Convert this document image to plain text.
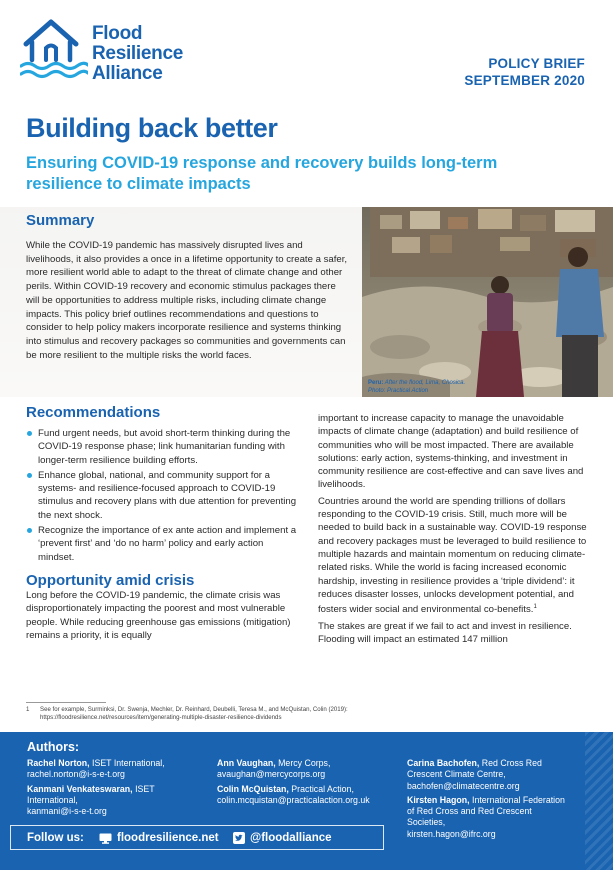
Flood
Resilience
Alliance	POLICY BRIEF
SEPTEMBER 2020
Building back better
Ensuring COVID-19 response and recovery builds long-term resilience to climate impacts
Summary

While the COVID-19 pandemic has massively disrupted lives and livelihoods, it also provides a once in a lifetime opportunity to create a safer, more resilient world able to adapt to the threat of climate change and other perils. Within COVID-19 recovery and economic stimulus packages there will be opportunities to address multiple risks, including climate change impacts. This policy brief outlines recommendations and questions to consider to help policy makers incorporate resilience and systems thinking into stimulus and recovery packages so communities and governments can be more resilient to the multiple risks the world faces.

Peru: After the flood, Lima, Chosica.
Photo: Practical Action
Recommendations
Fund urgent needs, but avoid short-term thinking during the COVID-19 response phase; link humanitarian funding with longer-term resilience building efforts.
Enhance global, national, and community support for a systems- and resilience-focused approach to COVID-19 stimulus and recovery plans with due attention for preventing the next shock.
Recognize the importance of ex ante action and implement a ‘prevent first’ and ‘do no harm’ policy and early action mindset.
Opportunity amid crisis

Long before the COVID-19 pandemic, the climate crisis was disproportionately impacting the poorest and most vulnerable people. While reducing greenhouse gas emissions (mitigation) remains a priority, it is equally

important to increase capacity to manage the unavoidable impacts of climate change (adaptation) and build resilience of communities who will be most impacted. There are available solutions: early action, systems-thinking, and investment in community resilience are cost-effective and can save lives and livelihoods.

Countries around the world are spending trillions of dollars responding to the COVID-19 crisis. Still, much more will be needed to build back in a sustainable way. COVID-19 response and recovery packages must be leveraged to build resilience to multiple hazards and maintain momentum on reducing climate-related risks. While the world is facing increased economic hardship, investing in resilience provides a ‘triple dividend’: it reduces disaster losses, unlocks development potential, and fosters wider social and environmental co-benefits.$^1$

The stakes are great if we fail to act and invest in resilience. Flooding will impact an estimated 147 million

1 See for example, Surminksi, Dr. Swenja, Mechler, Dr. Reinhard, Deubelli, Teresa M., and McQuistan, Colin (2019):
https://floodresilience.net/resources/item/generating-multiple-disaster-resilience-dividends
Authors:
Rachel Norton, ISET International,
rachel.norton@i-s-e-t.org
Kanmani Venkateswaran, ISET International,
kanmani@i-s-e-t.org
Ann Vaughan, Mercy Corps,
avaughan@mercycorps.org
Colin McQuistan, Practical Action,
colin.mcquistan@practicalaction.org.uk
Carina Bachofen, Red Cross Red Crescent Climate Centre,
bachofen@climatecentre.org
Kirsten Hagon, International Federation of Red Cross and Red Crescent Societies,
kirsten.hagon@ifrc.org
Follow us:	floodresilience.net	@floodalliance
